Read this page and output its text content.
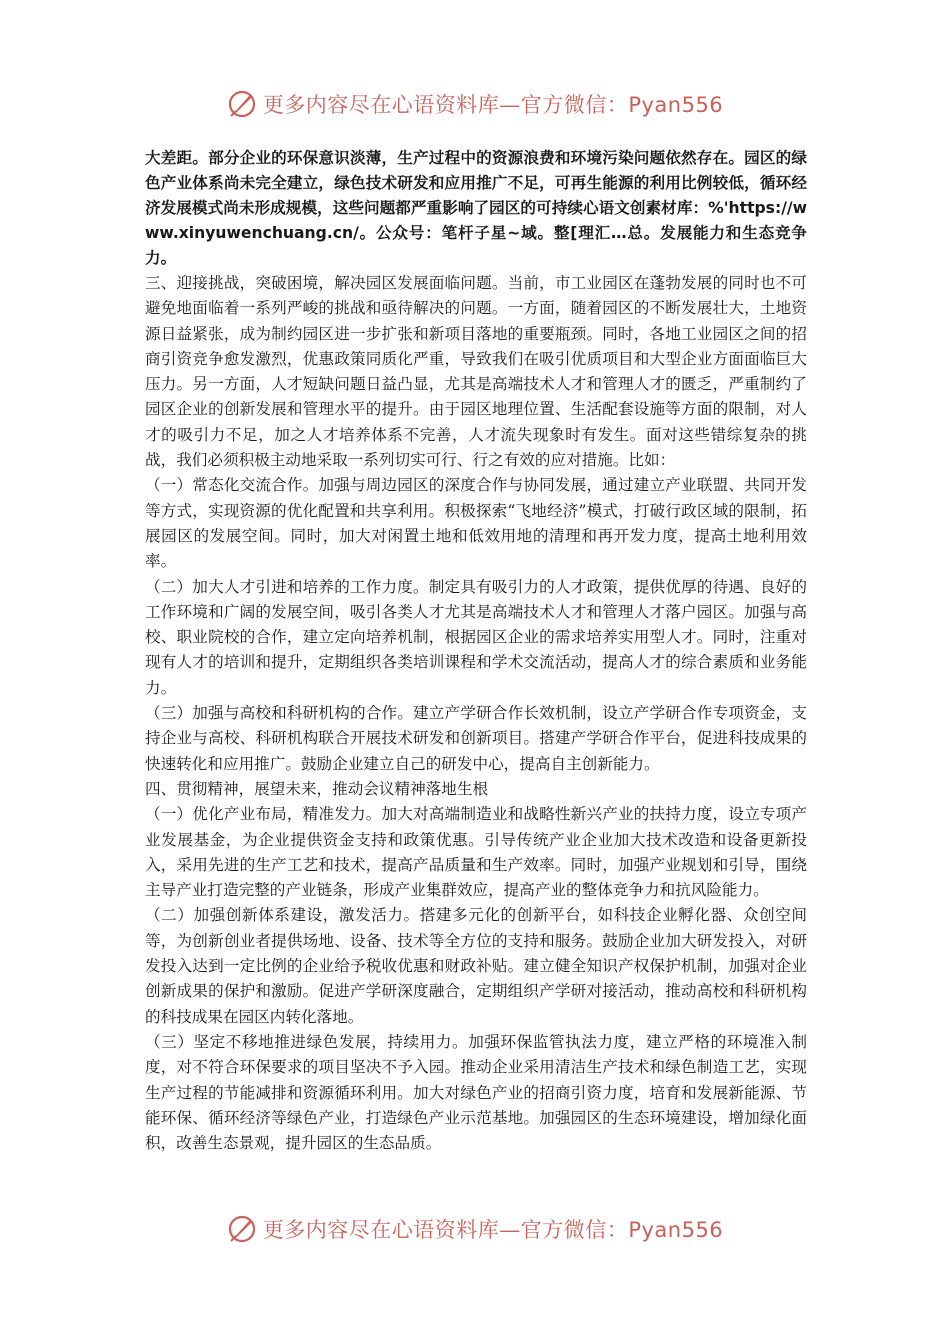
更多内容尽在心语资料库—官方微信：Pyan556

大差距。部分企业的环保意识淡薄，生产过程中的资源浪费和环境污染问题依然存在。园区的绿色产业体系尚未完全建立，绿色技术研发和应用推广不足，可再生能源的利用比例较低，循环经济发展模式尚未形成规模，这些问题都严重影响了园区的可持续心语文创素材库：%'https://www.xinyuwenchuang.cn/。公众号：笔杆子星~域。整[理汇…总。发展能力和生态竞争力。

三、迎接挑战，突破困境，解决园区发展面临问题。当前，市工业园区在蓬勃发展的同时也不可避免地面临着一系列严峻的挑战和亟待解决的问题。一方面，随着园区的不断发展壮大，土地资源日益紧张，成为制约园区进一步扩张和新项目落地的重要瓶颈。同时，各地工业园区之间的招商引资竞争愈发激烈，优惠政策同质化严重，导致我们在吸引优质项目和大型企业方面面临巨大压力。另一方面，人才短缺问题日益凸显，尤其是高端技术人才和管理人才的匮乏，严重制约了园区企业的创新发展和管理水平的提升。由于园区地理位置、生活配套设施等方面的限制，对人才的吸引力不足，加之人才培养体系不完善，人才流失现象时有发生。面对这些错综复杂的挑战，我们必须积极主动地采取一系列切实可行、行之有效的应对措施。比如：

（一）常态化交流合作。加强与周边园区的深度合作与协同发展，通过建立产业联盟、共同开发等方式，实现资源的优化配置和共享利用。积极探索“飞地经济”模式，打破行政区域的限制，拓展园区的发展空间。同时，加大对闲置土地和低效用地的清理和再开发力度，提高土地利用效率。

（二）加大人才引进和培养的工作力度。制定具有吸引力的人才政策，提供优厚的待遇、良好的工作环境和广阔的发展空间，吸引各类人才尤其是高端技术人才和管理人才落户园区。加强与高校、职业院校的合作，建立定向培养机制，根据园区企业的需求培养实用型人才。同时，注重对现有人才的培训和提升，定期组织各类培训课程和学术交流活动，提高人才的综合素质和业务能力。

（三）加强与高校和科研机构的合作。建立产学研合作长效机制，设立产学研合作专项资金，支持企业与高校、科研机构联合开展技术研发和创新项目。搭建产学研合作平台，促进科技成果的快速转化和应用推广。鼓励企业建立自己的研发中心，提高自主创新能力。

四、贯彻精神，展望未来，推动会议精神落地生根

（一）优化产业布局，精准发力。加大对高端制造业和战略性新兴产业的扶持力度，设立专项产业发展基金，为企业提供资金支持和政策优惠。引导传统产业企业加大技术改造和设备更新投入，采用先进的生产工艺和技术，提高产品质量和生产效率。同时，加强产业规划和引导，围绕主导产业打造完整的产业链条，形成产业集群效应，提高产业的整体竞争力和抗风险能力。

（二）加强创新体系建设，激发活力。搭建多元化的创新平台，如科技企业孵化器、众创空间等，为创新创业者提供场地、设备、技术等全方位的支持和服务。鼓励企业加大研发投入，对研发投入达到一定比例的企业给予税收优惠和财政补贴。建立健全知识产权保护机制，加强对企业创新成果的保护和激励。促进产学研深度融合，定期组织产学研对接活动，推动高校和科研机构的科技成果在园区内转化落地。

（三）坚定不移地推进绿色发展，持续用力。加强环保监管执法力度，建立严格的环境准入制度，对不符合环保要求的项目坚决不予入园。推动企业采用清洁生产技术和绿色制造工艺，实现生产过程的节能减排和资源循环利用。加大对绿色产业的招商引资力度，培育和发展新能源、节能环保、循环经济等绿色产业，打造绿色产业示范基地。加强园区的生态环境建设，增加绿化面积，改善生态景观，提升园区的生态品质。

更多内容尽在心语资料库—官方微信：Pyan556
